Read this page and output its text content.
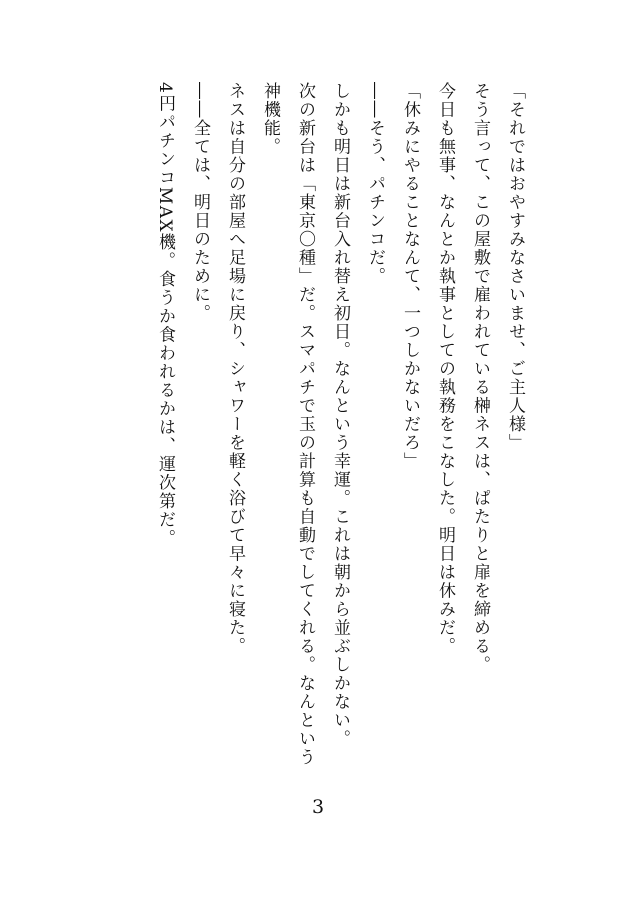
「それではおやすみなさいませ、ご主人様」

そう言って、この屋敷で雇われている榊ネスは、ぱたりと扉を締める。

今日も無事、なんとか執事としての執務をこなした。明日は休みだ。

「休みにやることなんて、一つしかないだろ」

――そう、パチンコだ。

しかも明日は新台入れ替え初日。なんという幸運。これは朝から並ぶしかない。

次の新台は「東京〇種」だ。スマパチで玉の計算も自動でしてくれる。なんという

神機能。

ネスは自分の部屋へ足場に戻り、シャワーを軽く浴びて早々に寝た。

――全ては、明日のために。

4円パチンコMAX機。食うか食われるかは、運次第だ。

3
